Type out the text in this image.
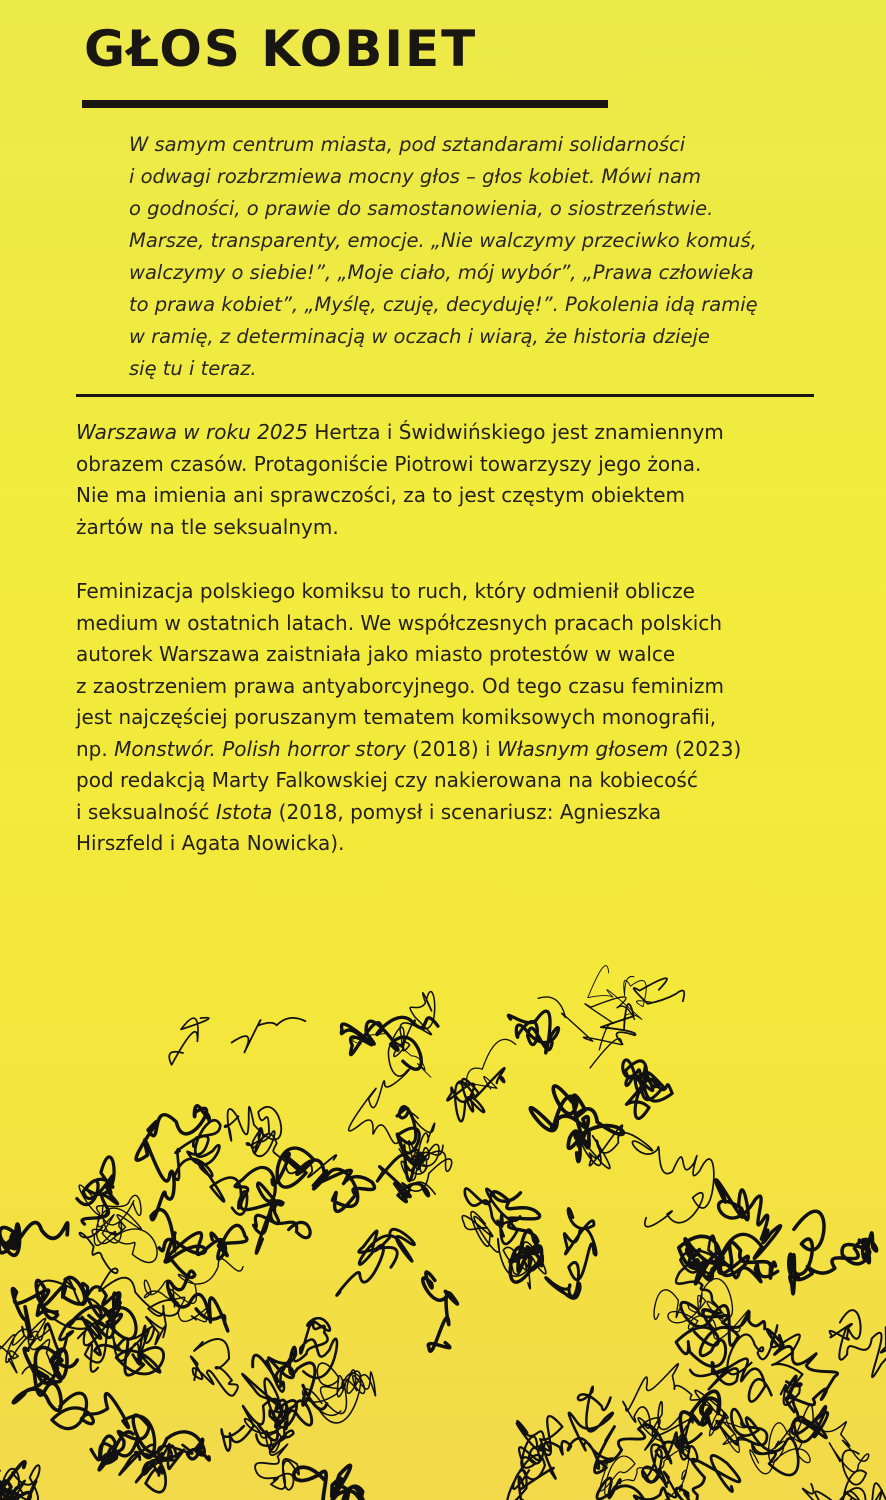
GŁOS KOBIET
W samym centrum miasta, pod sztandarami solidarności
i odwagi rozbrzmiewa mocny głos – głos kobiet. Mówi nam
o godności, o prawie do samostanowienia, o siostrzeństwie.
Marsze, transparenty, emocje. „Nie walczymy przeciwko komuś,
walczymy o siebie!”, „Moje ciało, mój wybór”, „Prawa człowieka
to prawa kobiet”, „Myślę, czuję, decyduję!”. Pokolenia idą ramię
w ramię, z determinacją w oczach i wiarą, że historia dzieje
się tu i teraz.
Warszawa w roku 2025 Hertza i Świdwińskiego jest znamiennym
obrazem czasów. Protagoniście Piotrowi towarzyszy jego żona.
Nie ma imienia ani sprawczości, za to jest częstym obiektem
żartów na tle seksualnym.
Feminizacja polskiego komiksu to ruch, który odmienił oblicze
medium w ostatnich latach. We współczesnych pracach polskich
autorek Warszawa zaistniała jako miasto protestów w walce
z zaostrzeniem prawa antyaborcyjnego. Od tego czasu feminizm
jest najczęściej poruszanym tematem komiksowych monografii,
np. Monstwór. Polish horror story (2018) i Własnym głosem (2023)
pod redakcją Marty Falkowskiej czy nakierowana na kobiecość
i seksualność Istota (2018, pomysł i scenariusz: Agnieszka
Hirszfeld i Agata Nowicka).
